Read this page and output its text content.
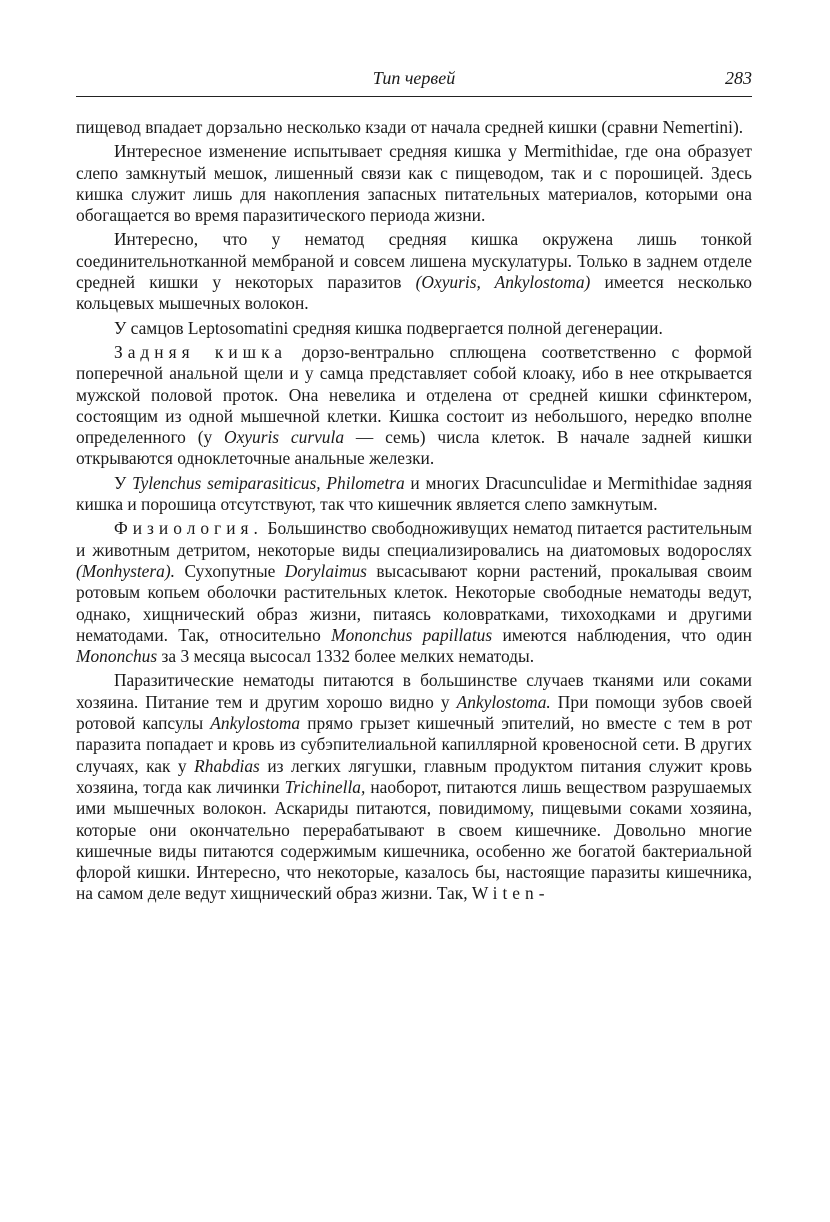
Тип червей	283

пищевод впадает дорзально несколько кзади от начала средней кишки (сравни Nemertini).

Интересное изменение испытывает средняя кишка у Mermithidae, где она образует слепо замкнутый мешок, лишенный связи как с пищеводом, так и с порошицей. Здесь кишка служит лишь для накопления запасных питательных материалов, которыми она обогащается во время паразитического периода жизни.

Интересно, что у нематод средняя кишка окружена лишь тонкой соединительнотканной мембраной и совсем лишена мускулатуры. Только в заднем отделе средней кишки у некоторых паразитов (Oxyuris, Ankylostoma) имеется несколько кольцевых мышечных волокон.

У самцов Leptosomatini средняя кишка подвергается полной дегенерации.

Задняя кишка дорзо-вентрально сплющена соответственно с формой поперечной анальной щели и у самца представляет собой клоаку, ибо в нее открывается мужской половой проток. Она невелика и отделена от средней кишки сфинктером, состоящим из одной мышечной клетки. Кишка состоит из небольшого, нередко вполне определенного (у Oxyuris curvula — семь) числа клеток. В начале задней кишки открываются одноклеточные анальные железки.

У Tylenchus semiparasiticus, Philometra и многих Dracunculidae и Mermithidae задняя кишка и порошица отсутствуют, так что кишечник является слепо замкнутым.

Физиология. Большинство свободноживущих нематод питается растительным и животным детритом, некоторые виды специализировались на диатомовых водорослях (Monhystera). Сухопутные Dorylaimus высасывают корни растений, прокалывая своим ротовым копьем оболочки растительных клеток. Некоторые свободные нематоды ведут, однако, хищнический образ жизни, питаясь коловратками, тихоходками и другими нематодами. Так, относительно Mononchus papillatus имеются наблюдения, что один Mononchus за 3 месяца высосал 1332 более мелких нематоды.

Паразитические нематоды питаются в большинстве случаев тканями или соками хозяина. Питание тем и другим хорошо видно у Ankylostoma. При помощи зубов своей ротовой капсулы Ankylostoma прямо грызет кишечный эпителий, но вместе с тем в рот паразита попадает и кровь из субэпителиальной капиллярной кровеносной сети. В других случаях, как у Rhabdias из легких лягушки, главным продуктом питания служит кровь хозяина, тогда как личинки Trichinella, наоборот, питаются лишь веществом разрушаемых ими мышечных волокон. Аскариды питаются, повидимому, пищевыми соками хозяина, которые они окончательно перерабатывают в своем кишечнике. Довольно многие кишечные виды питаются содержимым кишечника, особенно же богатой бактериальной флорой кишки. Интересно, что некоторые, казалось бы, настоящие паразиты кишечника, на самом деле ведут хищнический образ жизни. Так, Witen-
